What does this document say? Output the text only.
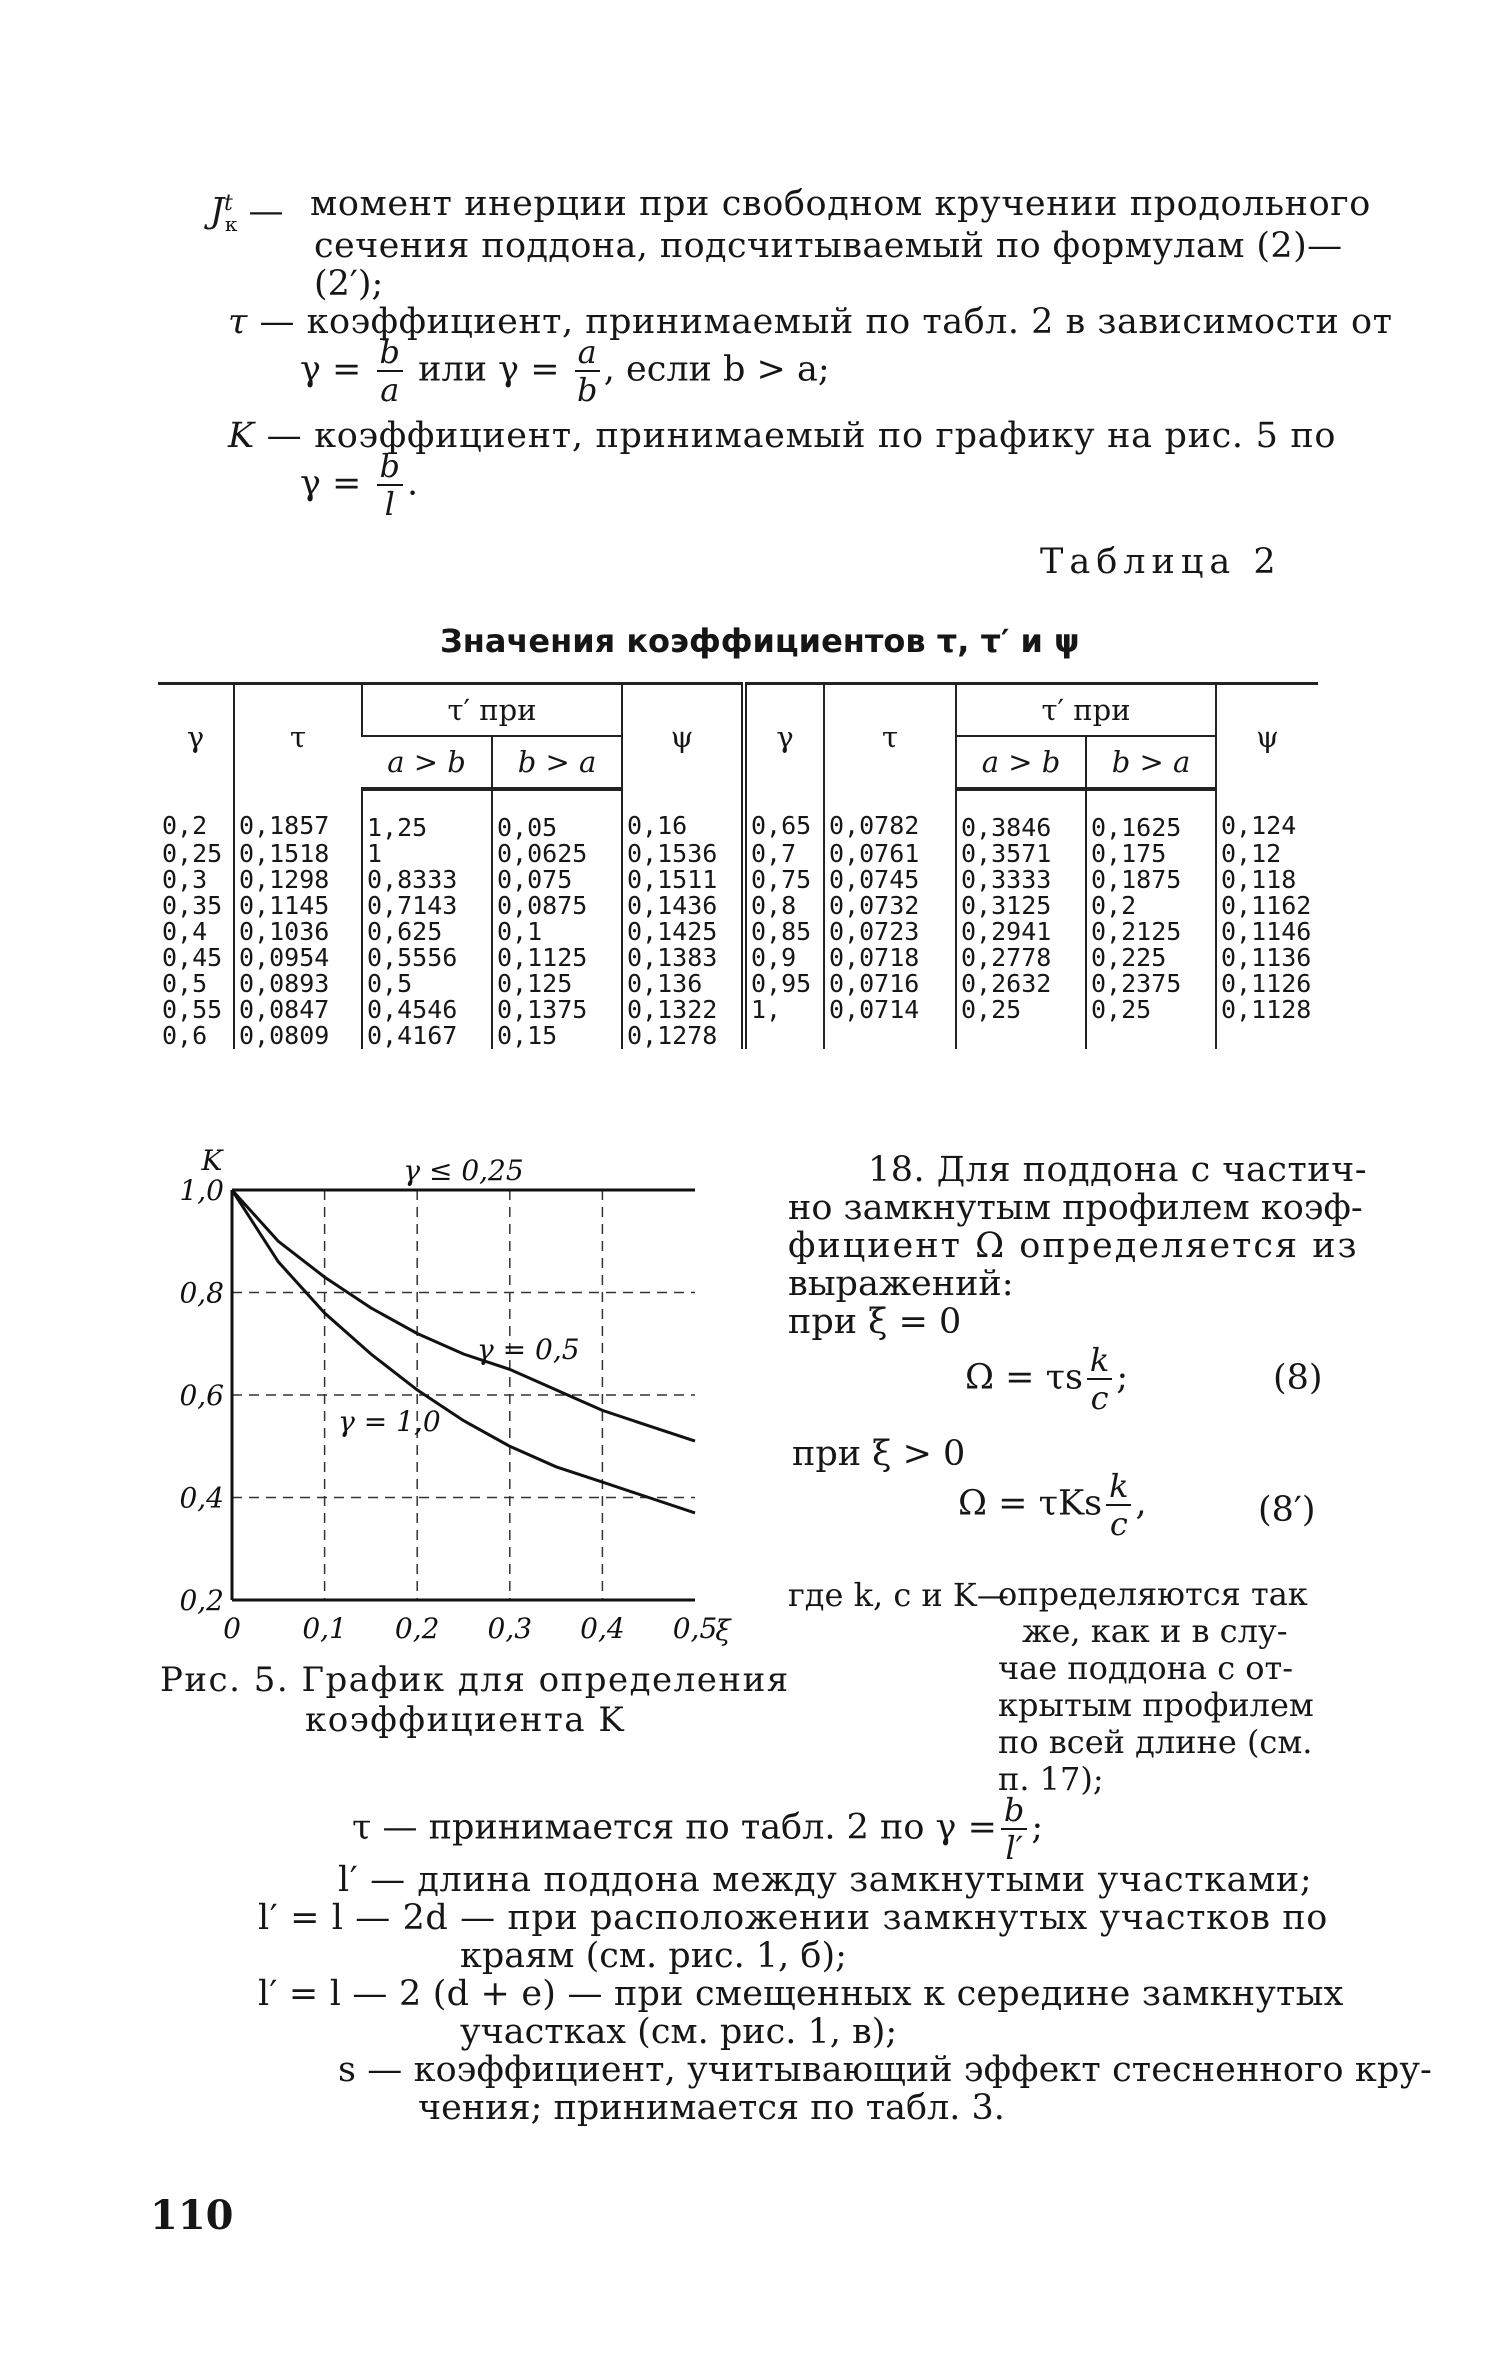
$J^t_к$ — момент инерции при свободном кручении продольного
сечения поддона, подсчитываемый по формулам (2)—
(2′);
τ — коэффициент, принимаемый по табл. 2 в зависимости от
$\gamma = \frac{b}{a}$ или $\gamma = \frac{a}{b}$ , если b > a;
K — коэффициент, принимаемый по графику на рис. 5 по
$\gamma = \frac{b}{l}$ .
Таблица 2
Значения коэффициентов τ, τ′ и ψ
γ	τ	τ′ при		ψ	γ	τ	τ′ при		ψ
		a > b	b > a				a > b	b > a	
0,2	0,1857	1,25	0,05	0,16	0,65	0,0782	0,3846	0,1625	0,124
0,25	0,1518	1	0,0625	0,1536	0,7	0,0761	0,3571	0,175	0,12
0,3	0,1298	0,8333	0,075	0,1511	0,75	0,0745	0,3333	0,1875	0,118
0,35	0,1145	0,7143	0,0875	0,1436	0,8	0,0732	0,3125	0,2	0,1162
0,4	0,1036	0,625	0,1	0,1425	0,85	0,0723	0,2941	0,2125	0,1146
0,45	0,0954	0,5556	0,1125	0,1383	0,9	0,0718	0,2778	0,225	0,1136
0,5	0,0893	0,5	0,125	0,136	0,95	0,0716	0,2632	0,2375	0,1126
0,55	0,0847	0,4546	0,1375	0,1322	1,	0,0714	0,25	0,25	0,1128
0,6	0,0809	0,4167	0,15	0,1278					
0 0,1 0,2 0,3 0,4 0,5
0,2
0,4
0,6
0,8
1,0
K
ξ
γ ≤ 0,25
γ = 0,5
γ = 1,0
Рис. 5. График для определения
коэффициента K
18. Для поддона с частич-
но замкнутым профилем коэф-
фициент Ω определяется из
выражений:
при ξ = 0
Ω = τs $\frac{k}{c}$ ;	(8)
при ξ > 0
Ω = τKs $\frac{k}{c}$ ,	(8′)
где k, c и K—
определяются так
же, как и в слу-
чае поддона с от-
крытым профилем
по всей длине (см.
п. 17);
τ — принимается по табл. 2 по $\gamma = \frac{b}{l'}$ ;
l′ — длина поддона между замкнутыми участками;
l′ = l — 2d — при расположении замкнутых участков по
краям (см. рис. 1, б);
l′ = l — 2 (d + e) — при смещенных к середине замкнутых
участках (см. рис. 1, в);
s — коэффициент, учитывающий эффект стесненного кру-
чения; принимается по табл. 3.
110
